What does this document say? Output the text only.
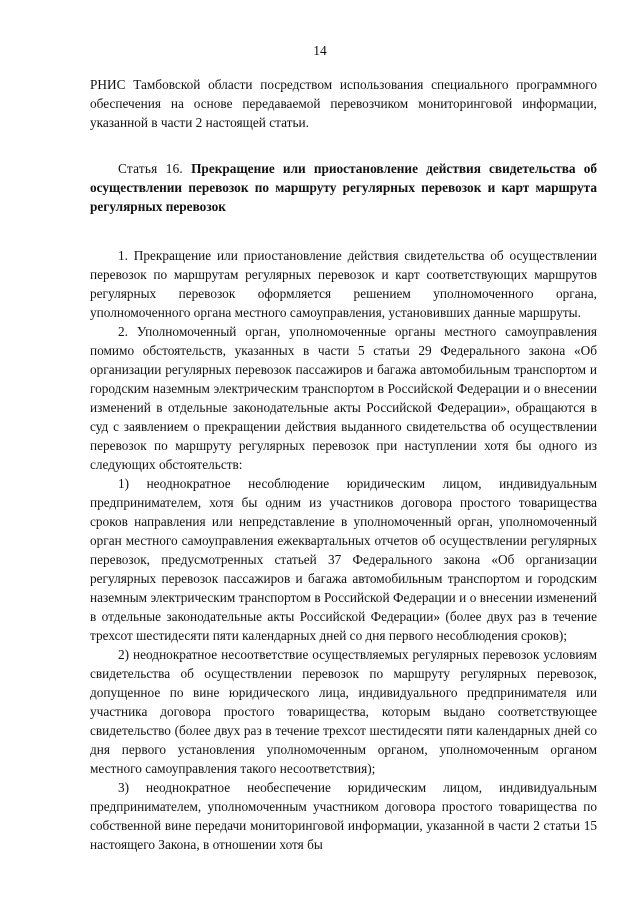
14

РНИС Тамбовской области посредством использования специального программного обеспечения на основе передаваемой перевозчиком мониторинговой информации, указанной в части 2 настоящей статьи.

Статья 16. Прекращение или приостановление действия свидетельства об осуществлении перевозок по маршруту регулярных перевозок и карт маршрута регулярных перевозок

1. Прекращение или приостановление действия свидетельства об осуществлении перевозок по маршрутам регулярных перевозок и карт соответствующих маршрутов регулярных перевозок оформляется решением уполномоченного органа, уполномоченного органа местного самоуправления, установивших данные маршруты.

2. Уполномоченный орган, уполномоченные органы местного самоуправления помимо обстоятельств, указанных в части 5 статьи 29 Федерального закона «Об организации регулярных перевозок пассажиров и багажа автомобильным транспортом и городским наземным электрическим транспортом в Российской Федерации и о внесении изменений в отдельные законодательные акты Российской Федерации», обращаются в суд с заявлением о прекращении действия выданного свидетельства об осуществлении перевозок по маршруту регулярных перевозок при наступлении хотя бы одного из следующих обстоятельств:

1) неоднократное несоблюдение юридическим лицом, индивидуальным предпринимателем, хотя бы одним из участников договора простого товарищества сроков направления или непредставление в уполномоченный орган, уполномоченный орган местного самоуправления ежеквартальных отчетов об осуществлении регулярных перевозок, предусмотренных статьей 37 Федерального закона «Об организации регулярных перевозок пассажиров и багажа автомобильным транспортом и городским наземным электрическим транспортом в Российской Федерации и о внесении изменений в отдельные законодательные акты Российской Федерации» (более двух раз в течение трехсот шестидесяти пяти календарных дней со дня первого несоблюдения сроков);

2) неоднократное несоответствие осуществляемых регулярных перевозок условиям свидетельства об осуществлении перевозок по маршруту регулярных перевозок, допущенное по вине юридического лица, индивидуального предпринимателя или участника договора простого товарищества, которым выдано соответствующее свидетельство (более двух раз в течение трехсот шестидесяти пяти календарных дней со дня первого установления уполномоченным органом, уполномоченным органом местного самоуправления такого несоответствия);

3) неоднократное необеспечение юридическим лицом, индивидуальным предпринимателем, уполномоченным участником договора простого товарищества по собственной вине передачи мониторинговой информации, указанной в части 2 статьи 15 настоящего Закона, в отношении хотя бы
